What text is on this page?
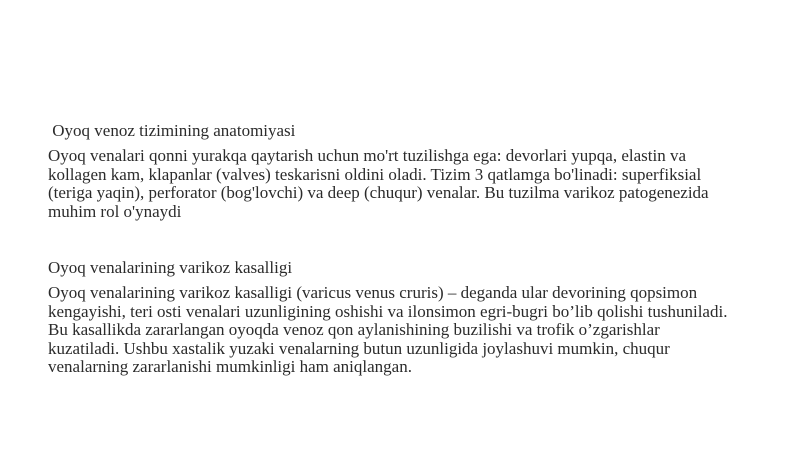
Oyoq venoz tizimining anatomiyasi

Oyoq venalari qonni yurakqa qaytarish uchun mo'rt tuzilishga ega: devorlari yupqa, elastin va kollagen kam, klapanlar (valves) teskarisni oldini oladi. Tizim 3 qatlamga bo'linadi: superfiksial (teriga yaqin), perforator (bog'lovchi) va deep (chuqur) venalar. Bu tuzilma varikoz patogenezida muhim rol o'ynaydi

Oyoq venalarining varikoz kasalligi

Oyoq venalarining varikoz kasalligi (varicus venus cruris) – deganda ular devorining qopsimon kengayishi, teri osti venalari uzunligining oshishi va ilonsimon egri-bugri bo’lib qolishi tushuniladi. Bu kasallikda zararlangan oyoqda venoz qon aylanishining buzilishi va trofik o’zgarishlar kuzatiladi. Ushbu xastalik yuzaki venalarning butun uzunligida joylashuvi mumkin, chuqur venalarning zararlanishi mumkinligi ham aniqlangan.
